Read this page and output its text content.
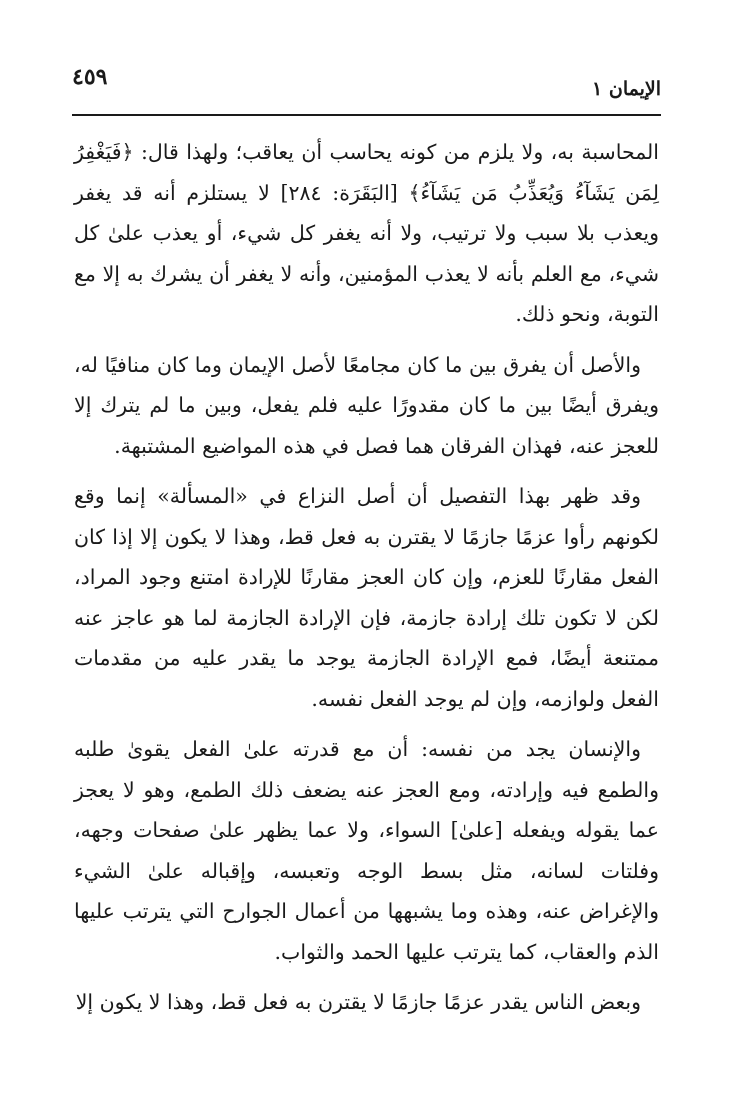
الإيمان ١
٤٥٩

المحاسبة به، ولا يلزم من كونه يحاسب أن يعاقب؛ ولهذا قال: ﴿فَيَغْفِرُ لِمَن يَشَآءُ وَيُعَذِّبُ مَن يَشَآءُ﴾ [البَقَرَة: ٢٨٤] لا يستلزم أنه قد يغفر ويعذب بلا سبب ولا ترتيب، ولا أنه يغفر كل شيء، أو يعذب علىٰ كل شيء، مع العلم بأنه لا يعذب المؤمنين، وأنه لا يغفر أن يشرك به إلا مع التوبة، ونحو ذلك.

والأصل أن يفرق بين ما كان مجامعًا لأصل الإيمان وما كان منافيًا له، ويفرق أيضًا بين ما كان مقدورًا عليه فلم يفعل، وبين ما لم يترك إلا للعجز عنه، فهذان الفرقان هما فصل في هذه المواضيع المشتبهة.

وقد ظهر بهذا التفصيل أن أصل النزاع في «المسألة» إنما وقع لكونهم رأوا عزمًا جازمًا لا يقترن به فعل قط، وهذا لا يكون إلا إذا كان الفعل مقارنًا للعزم، وإن كان العجز مقارنًا للإرادة امتنع وجود المراد، لكن لا تكون تلك إرادة جازمة، فإن الإرادة الجازمة لما هو عاجز عنه ممتنعة أيضًا، فمع الإرادة الجازمة يوجد ما يقدر عليه من مقدمات الفعل ولوازمه، وإن لم يوجد الفعل نفسه.

والإنسان يجد من نفسه: أن مع قدرته علىٰ الفعل يقوىٰ طلبه والطمع فيه وإرادته، ومع العجز عنه يضعف ذلك الطمع، وهو لا يعجز عما يقوله ويفعله [علىٰ] السواء، ولا عما يظهر علىٰ صفحات وجهه، وفلتات لسانه، مثل بسط الوجه وتعبسه، وإقباله علىٰ الشيء والإغراض عنه، وهذه وما يشبهها من أعمال الجوارح التي يترتب عليها الذم والعقاب، كما يترتب عليها الحمد والثواب.

وبعض الناس يقدر عزمًا جازمًا لا يقترن به فعل قط، وهذا لا يكون إلا
